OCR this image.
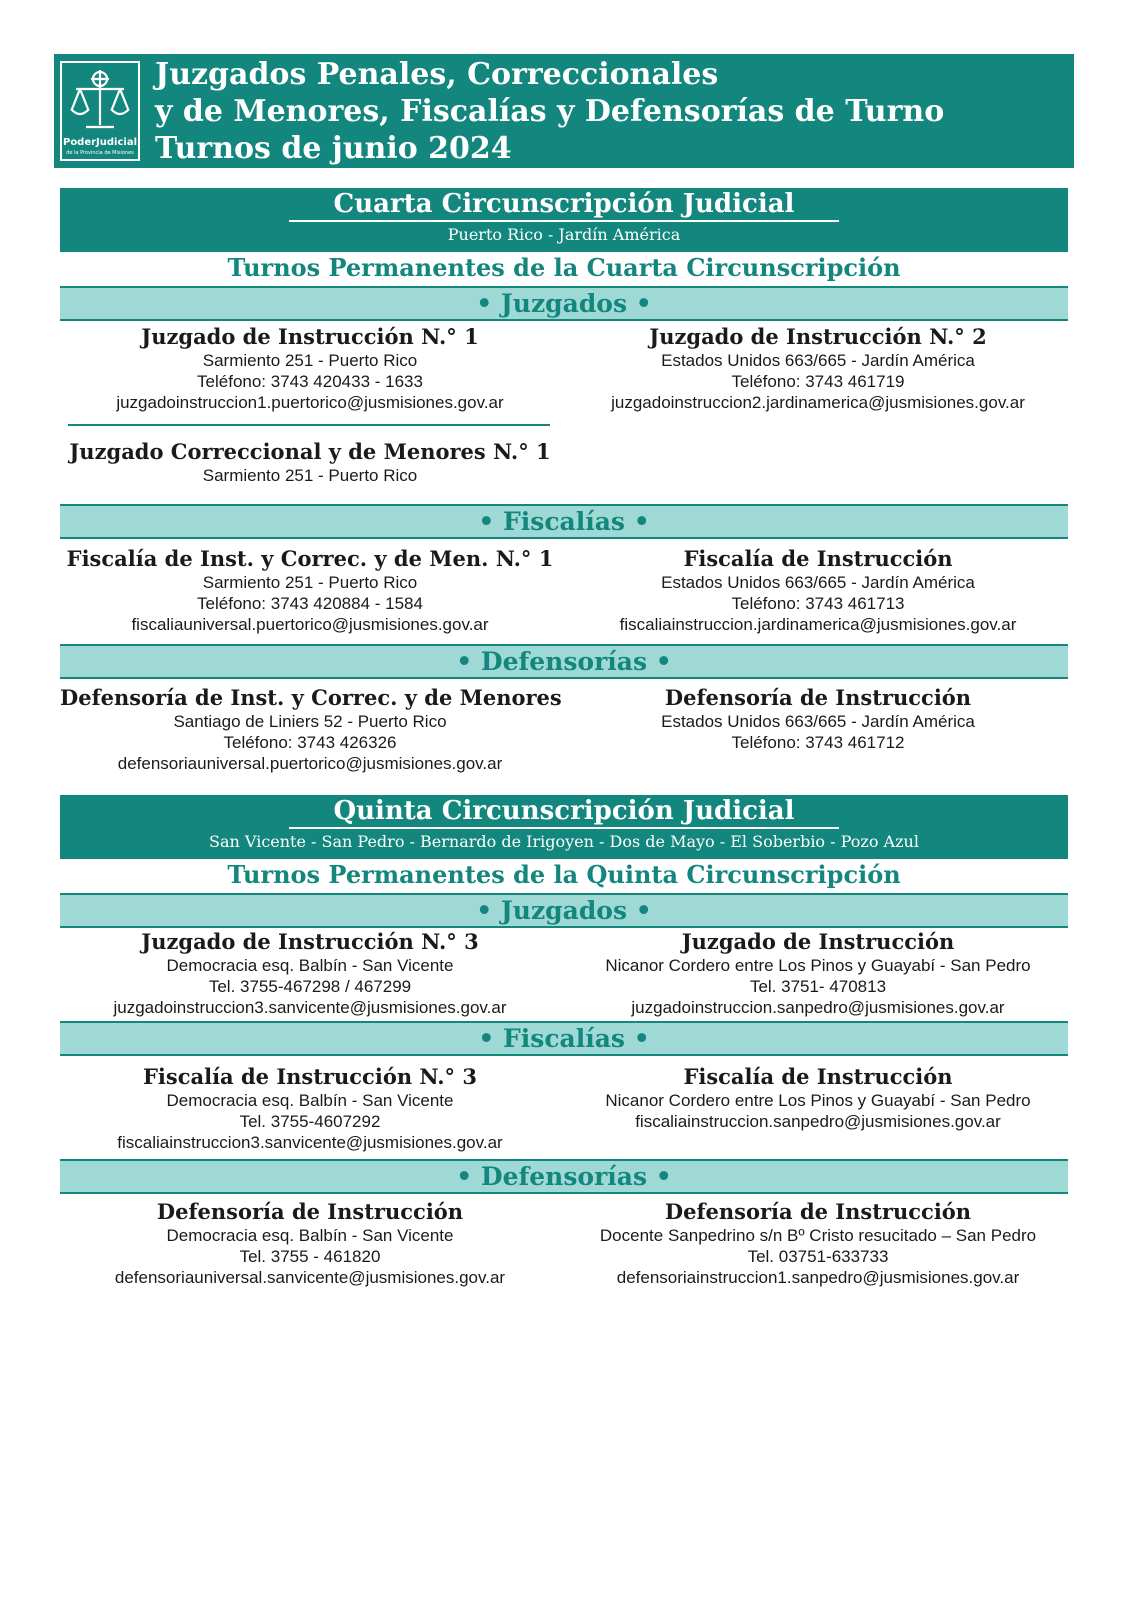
PoderJudicial
de la Provincia de Misiones
Juzgados Penales, Correccionales
y de Menores, Fiscalías y Defensorías de Turno
Turnos de junio 2024
Cuarta Circunscripción Judicial
Puerto Rico - Jardín América
Turnos Permanentes de la Cuarta Circunscripción
• Juzgados •
Juzgado de Instrucción N.° 1
Sarmiento 251 - Puerto Rico
Teléfono: 3743 420433 - 1633
juzgadoinstruccion1.puertorico@jusmisiones.gov.ar
Juzgado de Instrucción N.° 2
Estados Unidos 663/665 - Jardín América
Teléfono: 3743 461719
juzgadoinstruccion2.jardinamerica@jusmisiones.gov.ar
Juzgado Correccional y de Menores N.° 1
Sarmiento 251 - Puerto Rico
• Fiscalías •
Fiscalía de Inst. y Correc. y de Men. N.° 1
Sarmiento 251 - Puerto Rico
Teléfono: 3743 420884 - 1584
fiscaliauniversal.puertorico@jusmisiones.gov.ar
Fiscalía de Instrucción
Estados Unidos 663/665 - Jardín América
Teléfono: 3743 461713
fiscaliainstruccion.jardinamerica@jusmisiones.gov.ar
• Defensorías •
Defensoría de Inst. y Correc. y de Menores
Santiago de Liniers 52 - Puerto Rico
Teléfono: 3743 426326
defensoriauniversal.puertorico@jusmisiones.gov.ar
Defensoría de Instrucción
Estados Unidos 663/665 - Jardín América
Teléfono: 3743 461712
Quinta Circunscripción Judicial
San Vicente - San Pedro - Bernardo de Irigoyen - Dos de Mayo - El Soberbio - Pozo Azul
Turnos Permanentes de la Quinta Circunscripción
• Juzgados •
Juzgado de Instrucción N.° 3
Democracia esq. Balbín - San Vicente
Tel. 3755-467298 / 467299
juzgadoinstruccion3.sanvicente@jusmisiones.gov.ar
Juzgado de Instrucción
Nicanor Cordero entre Los Pinos y Guayabí - San Pedro
Tel. 3751- 470813
juzgadoinstruccion.sanpedro@jusmisiones.gov.ar
• Fiscalías •
Fiscalía de Instrucción N.° 3
Democracia esq. Balbín - San Vicente
Tel. 3755-4607292
fiscaliainstruccion3.sanvicente@jusmisiones.gov.ar
Fiscalía de Instrucción
Nicanor Cordero entre Los Pinos y Guayabí - San Pedro
fiscaliainstruccion.sanpedro@jusmisiones.gov.ar
• Defensorías •
Defensoría de Instrucción
Democracia esq. Balbín - San Vicente
Tel. 3755 - 461820
defensoriauniversal.sanvicente@jusmisiones.gov.ar
Defensoría de Instrucción
Docente Sanpedrino s/n Bº Cristo resucitado – San Pedro
Tel. 03751-633733
defensoriainstruccion1.sanpedro@jusmisiones.gov.ar
